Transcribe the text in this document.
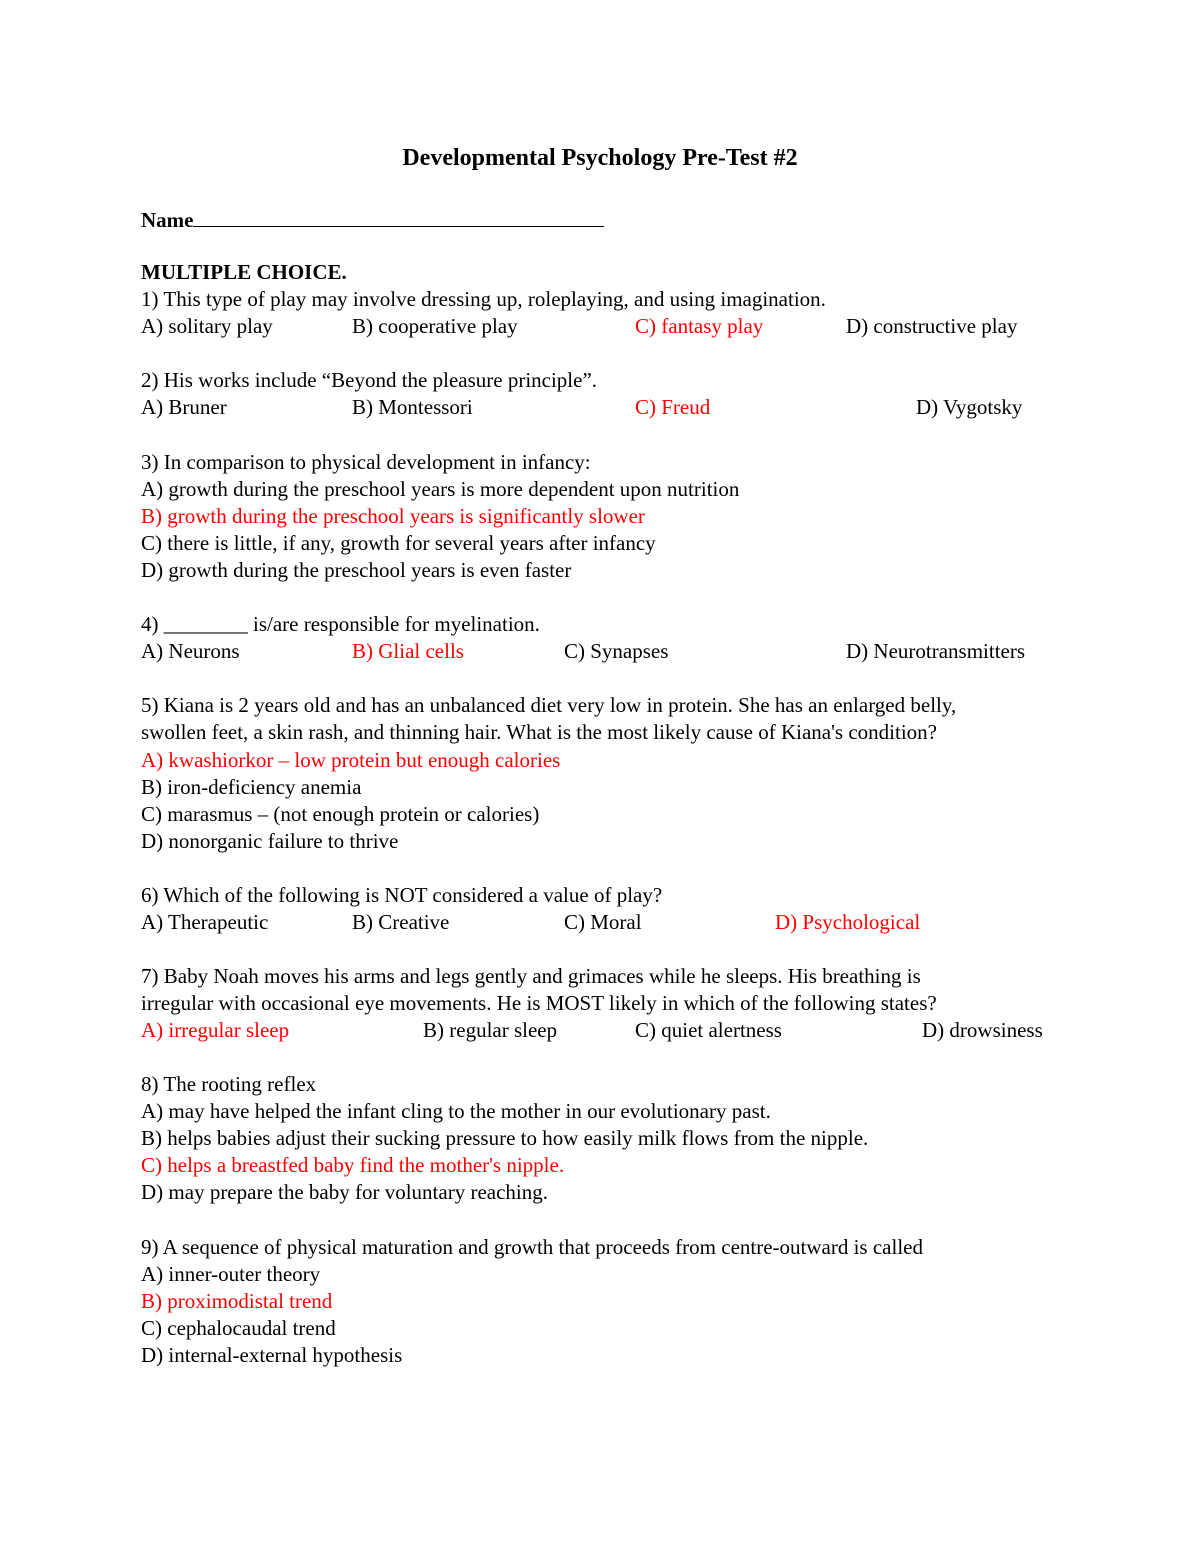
Developmental Psychology Pre-Test #2
Name
MULTIPLE CHOICE.
1) This type of play may involve dressing up, roleplaying, and using imagination.
A) solitary play	B) cooperative play	C) fantasy play	D) constructive play
2) His works include “Beyond the pleasure principle”.
A) Bruner	B) Montessori	C) Freud	D) Vygotsky
3) In comparison to physical development in infancy:
A) growth during the preschool years is more dependent upon nutrition
B) growth during the preschool years is significantly slower
C) there is little, if any, growth for several years after infancy
D) growth during the preschool years is even faster
4) ________ is/are responsible for myelination.
A) Neurons	B) Glial cells	C) Synapses	D) Neurotransmitters
5) Kiana is 2 years old and has an unbalanced diet very low in protein. She has an enlarged belly,
swollen feet, a skin rash, and thinning hair. What is the most likely cause of Kiana's condition?
A) kwashiorkor – low protein but enough calories
B) iron-deficiency anemia
C) marasmus – (not enough protein or calories)
D) nonorganic failure to thrive
6) Which of the following is NOT considered a value of play?
A) Therapeutic	B) Creative	C) Moral	D) Psychological
7) Baby Noah moves his arms and legs gently and grimaces while he sleeps. His breathing is
irregular with occasional eye movements. He is MOST likely in which of the following states?
A) irregular sleep	B) regular sleep	C) quiet alertness	D) drowsiness
8) The rooting reflex
A) may have helped the infant cling to the mother in our evolutionary past.
B) helps babies adjust their sucking pressure to how easily milk flows from the nipple.
C) helps a breastfed baby find the mother's nipple.
D) may prepare the baby for voluntary reaching.
9) A sequence of physical maturation and growth that proceeds from centre-outward is called
A) inner-outer theory
B) proximodistal trend
C) cephalocaudal trend
D) internal-external hypothesis
